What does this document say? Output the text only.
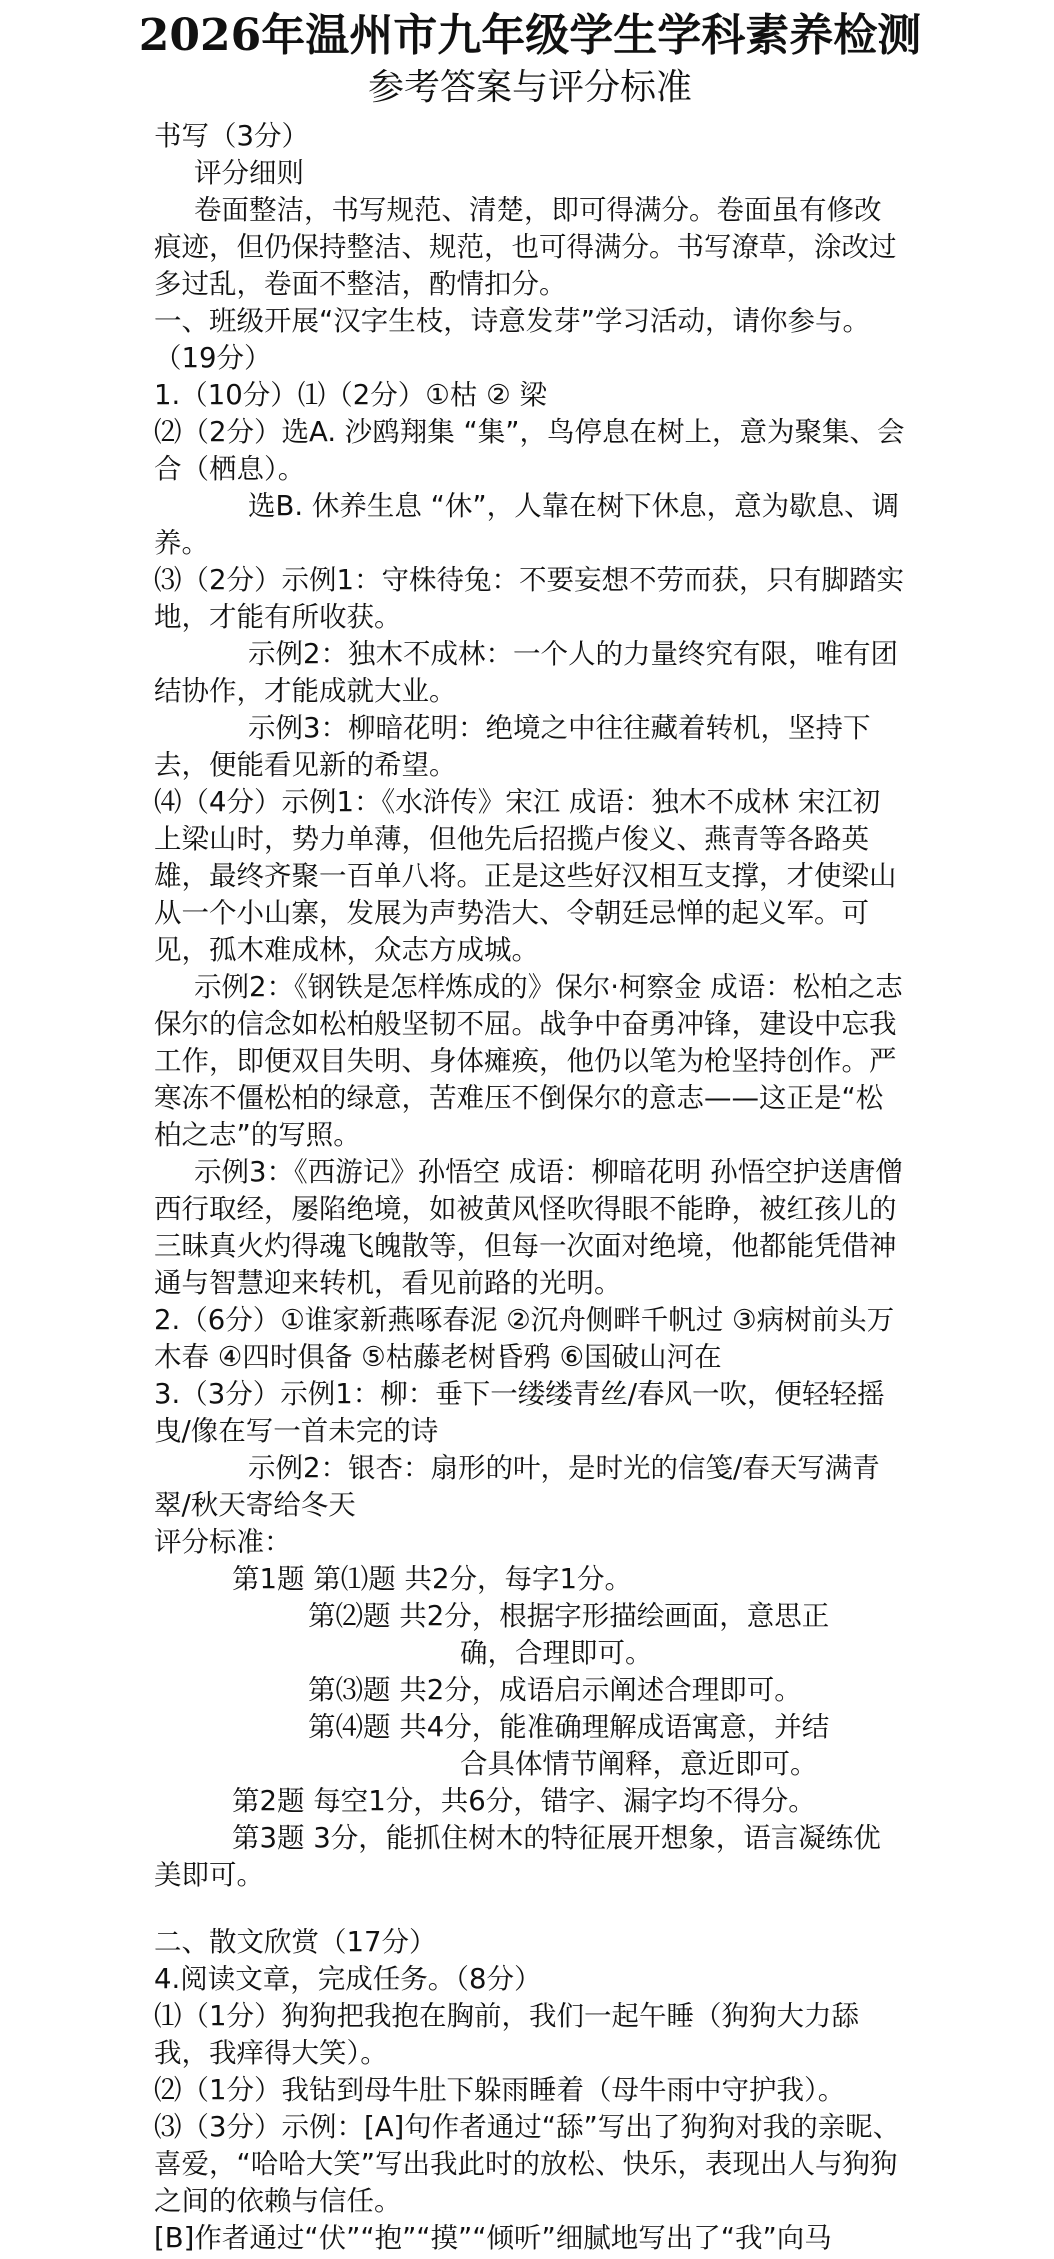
2026年温州市九年级学生学科素养检测
参考答案与评分标准

书写（3分）

评分细则

卷面整洁，书写规范、清楚，即可得满分。卷面虽有修改痕迹，但仍保持整洁、规范，也可得满分。书写潦草，涂改过多过乱，卷面不整洁，酌情扣分。

一、班级开展“汉字生枝，诗意发芽”学习活动，请你参与。（19分）

1.（10分）⑴（2分）①枯 ② 梁

⑵（2分）选A. 沙鸥翔集 “集”，鸟停息在树上，意为聚集、会合（栖息）。

选B. 休养生息 “休”，人靠在树下休息，意为歇息、调养。

⑶（2分）示例1：守株待兔：不要妄想不劳而获，只有脚踏实地，才能有所收获。

示例2：独木不成林：一个人的力量终究有限，唯有团结协作，才能成就大业。

示例3：柳暗花明：绝境之中往往藏着转机，坚持下去，便能看见新的希望。

⑷（4分）示例1：《水浒传》宋江 成语：独木不成林 宋江初上梁山时，势力单薄，但他先后招揽卢俊义、燕青等各路英雄，最终齐聚一百单八将。正是这些好汉相互支撑，才使梁山从一个小山寨，发展为声势浩大、令朝廷忌惮的起义军。可见，孤木难成林，众志方成城。

示例2：《钢铁是怎样炼成的》保尔·柯察金 成语：松柏之志 保尔的信念如松柏般坚韧不屈。战争中奋勇冲锋，建设中忘我工作，即便双目失明、身体瘫痪，他仍以笔为枪坚持创作。严寒冻不僵松柏的绿意，苦难压不倒保尔的意志——这正是“松柏之志”的写照。

示例3：《西游记》孙悟空 成语：柳暗花明 孙悟空护送唐僧西行取经，屡陷绝境，如被黄风怪吹得眼不能睁，被红孩儿的三昧真火灼得魂飞魄散等，但每一次面对绝境，他都能凭借神通与智慧迎来转机，看见前路的光明。

2.（6分）①谁家新燕啄春泥 ②沉舟侧畔千帆过 ③病树前头万木春 ④四时俱备 ⑤枯藤老树昏鸦 ⑥国破山河在

3.（3分）示例1：柳：垂下一缕缕青丝/春风一吹，便轻轻摇曳/像在写一首未完的诗

示例2：银杏：扇形的叶，是时光的信笺/春天写满青翠/秋天寄给冬天

评分标准：

第1题 第⑴题 共2分，每字1分。

第⑵题 共2分，根据字形描绘画面，意思正
确，合理即可。

第⑶题 共2分，成语启示阐述合理即可。

第⑷题 共4分，能准确理解成语寓意，并结
合具体情节阐释，意近即可。

第2题 每空1分，共6分，错字、漏字均不得分。

第3题 3分，能抓住树木的特征展开想象，语言凝练优美即可。

二、散文欣赏（17分）

4.阅读文章，完成任务。（8分）

⑴（1分）狗狗把我抱在胸前，我们一起午睡（狗狗大力舔我，我痒得大笑）。

⑵（1分）我钻到母牛肚下躲雨睡着（母牛雨中守护我）。

⑶（3分）示例：[A]句作者通过“舔”写出了狗狗对我的亲昵、喜爱，“哈哈大笑”写出我此时的放松、快乐，表现出人与狗狗之间的依赖与信任。

[B]作者通过“伏”“抱”“摸”“倾听”细腻地写出了“我”向马
